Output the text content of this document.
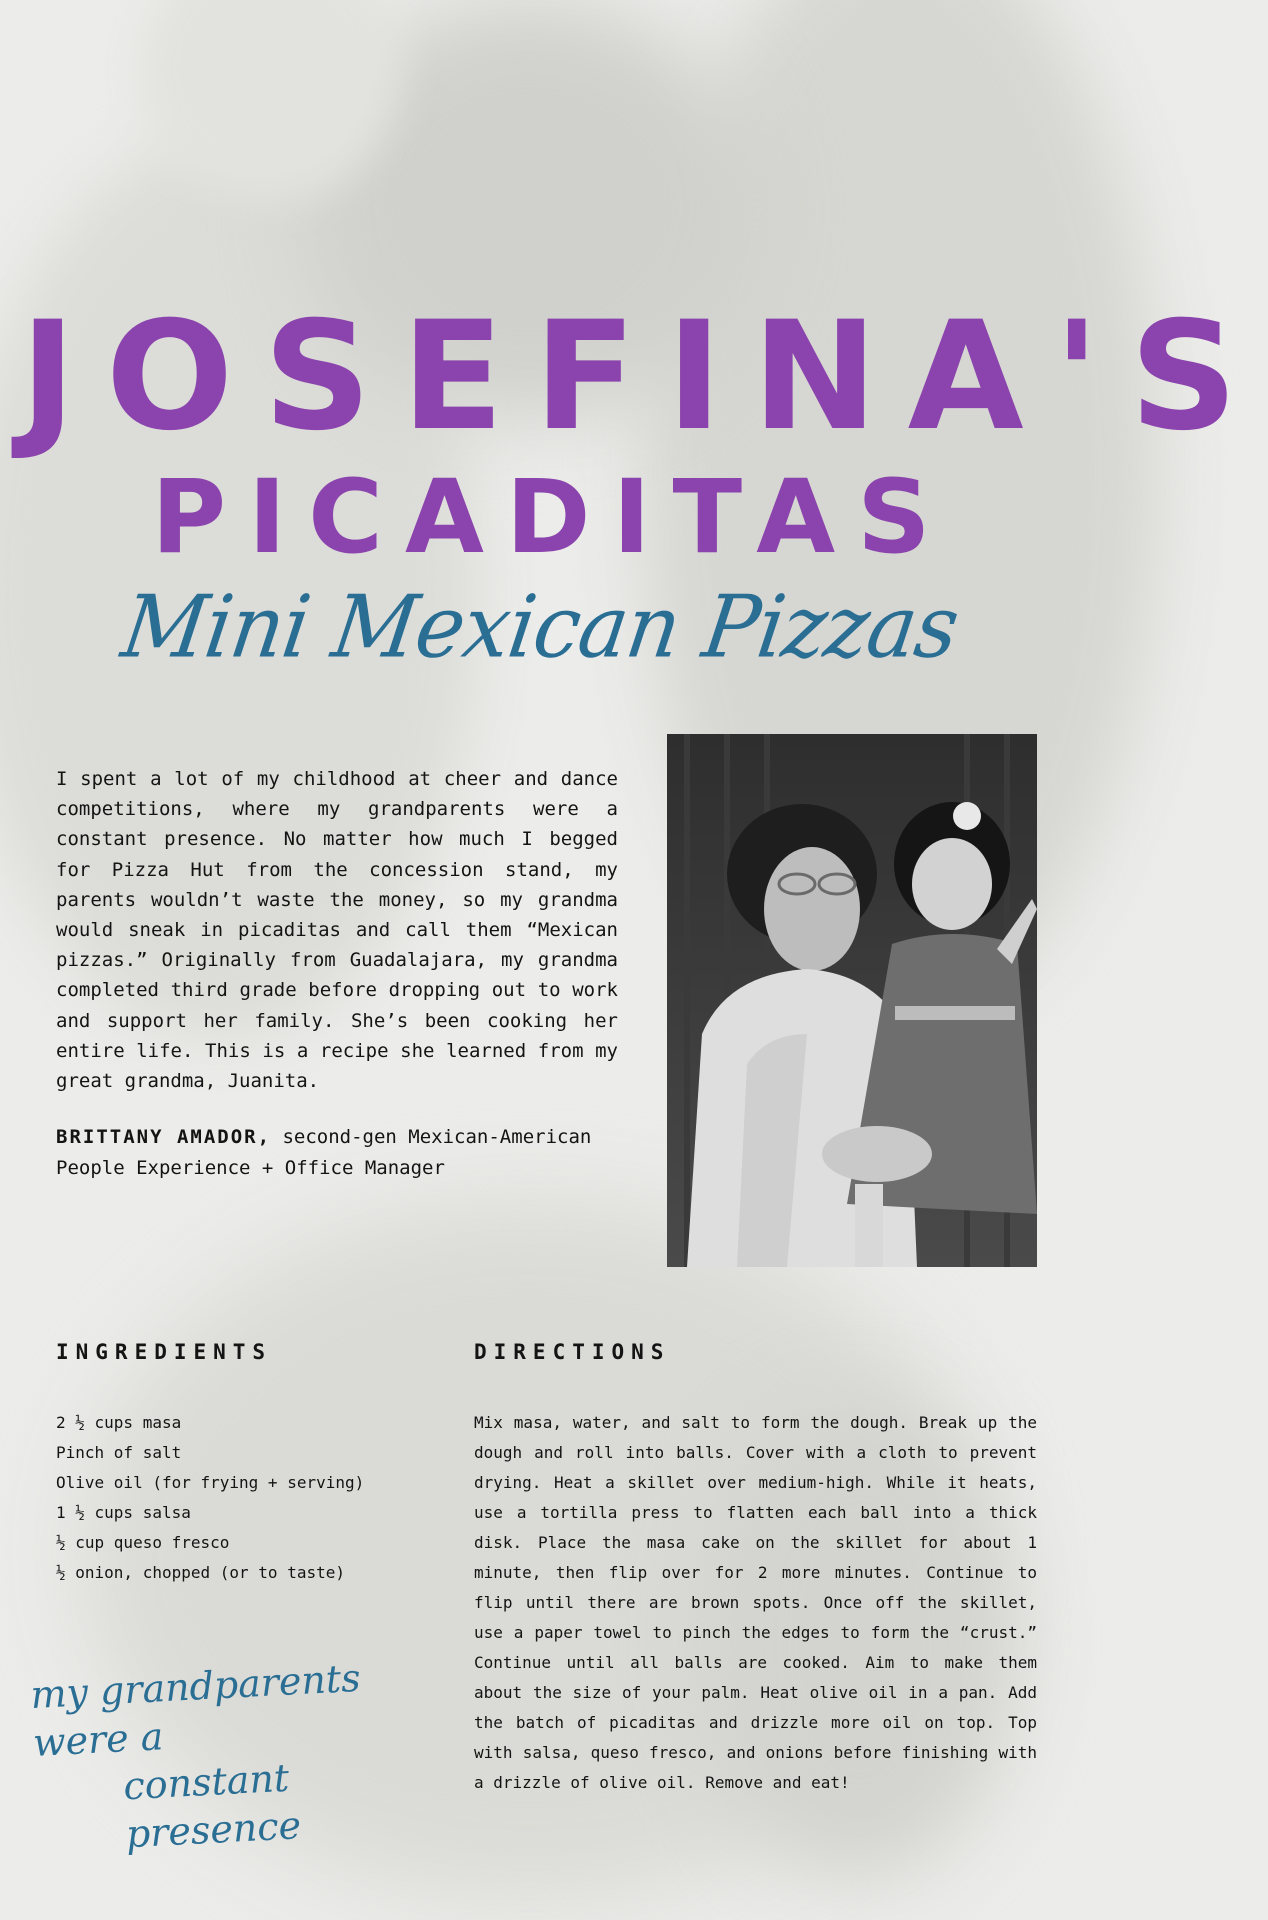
JOSEFINA'S
PICADITAS
Mini Mexican Pizzas

I spent a lot of my childhood at cheer and dance competitions, where my grandparents were a constant presence. No matter how much I begged for Pizza Hut from the concession stand, my parents wouldn’t waste the money, so my grandma would sneak in picaditas and call them “Mexican pizzas.” Originally from Guadalajara, my grandma completed third grade before dropping out to work and support her family. She’s been cooking her entire life. This is a recipe she learned from my great grandma, Juanita.

BRITTANY AMADOR, second-gen Mexican-American
People Experience + Office Manager

INGREDIENTS	DIRECTIONS
2 ½ cups masa
Pinch of salt
Olive oil (for frying + serving)
1 ½ cups salsa
½ cup queso fresco
½ onion, chopped (or to taste)

Mix masa, water, and salt to form the dough. Break up the dough and roll into balls. Cover with a cloth to prevent drying. Heat a skillet over medium-high. While it heats, use a tortilla press to flatten each ball into a thick disk. Place the masa cake on the skillet for about 1 minute, then flip over for 2 more minutes. Continue to flip until there are brown spots. Once off the skillet, use a paper towel to pinch the edges to form the “crust.” Continue until all balls are cooked. Aim to make them about the size of your palm. Heat olive oil in a pan. Add the batch of picaditas and drizzle more oil on top. Top with salsa, queso fresco, and onions before finishing with a drizzle of olive oil. Remove and eat!

my grandparents were a
constant presence
